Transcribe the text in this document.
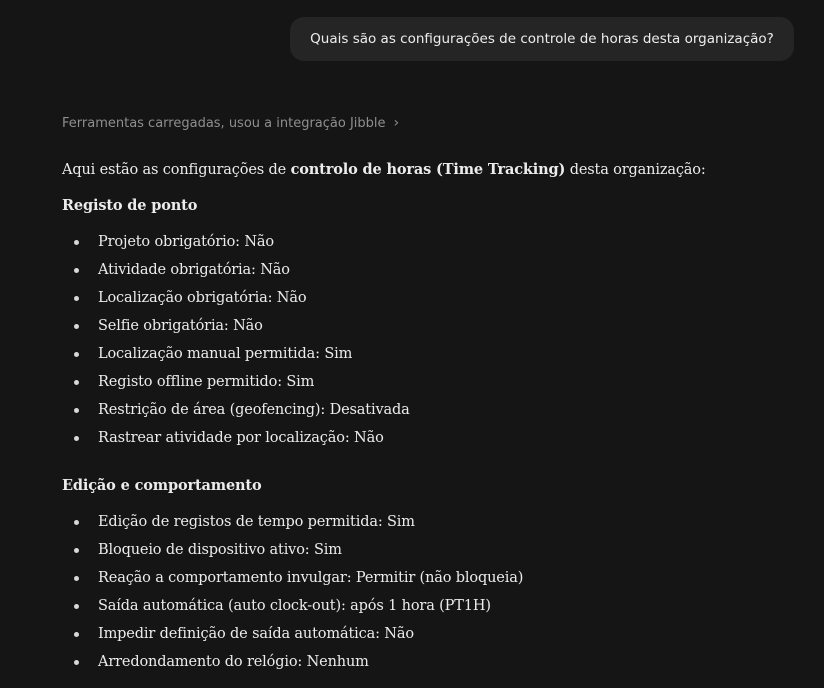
Quais são as configurações de controle de horas desta organização?
Ferramentas carregadas, usou a integração Jibble ›

Aqui estão as configurações de controlo de horas (Time Tracking) desta organização:

Registo de ponto

Projeto obrigatório: Não
Atividade obrigatória: Não
Localização obrigatória: Não
Selfie obrigatória: Não
Localização manual permitida: Sim
Registo offline permitido: Sim
Restrição de área (geofencing): Desativada
Rastrear atividade por localização: Não

Edição e comportamento

Edição de registos de tempo permitida: Sim
Bloqueio de dispositivo ativo: Sim
Reação a comportamento invulgar: Permitir (não bloqueia)
Saída automática (auto clock-out): após 1 hora (PT1H)
Impedir definição de saída automática: Não
Arredondamento do relógio: Nenhum
